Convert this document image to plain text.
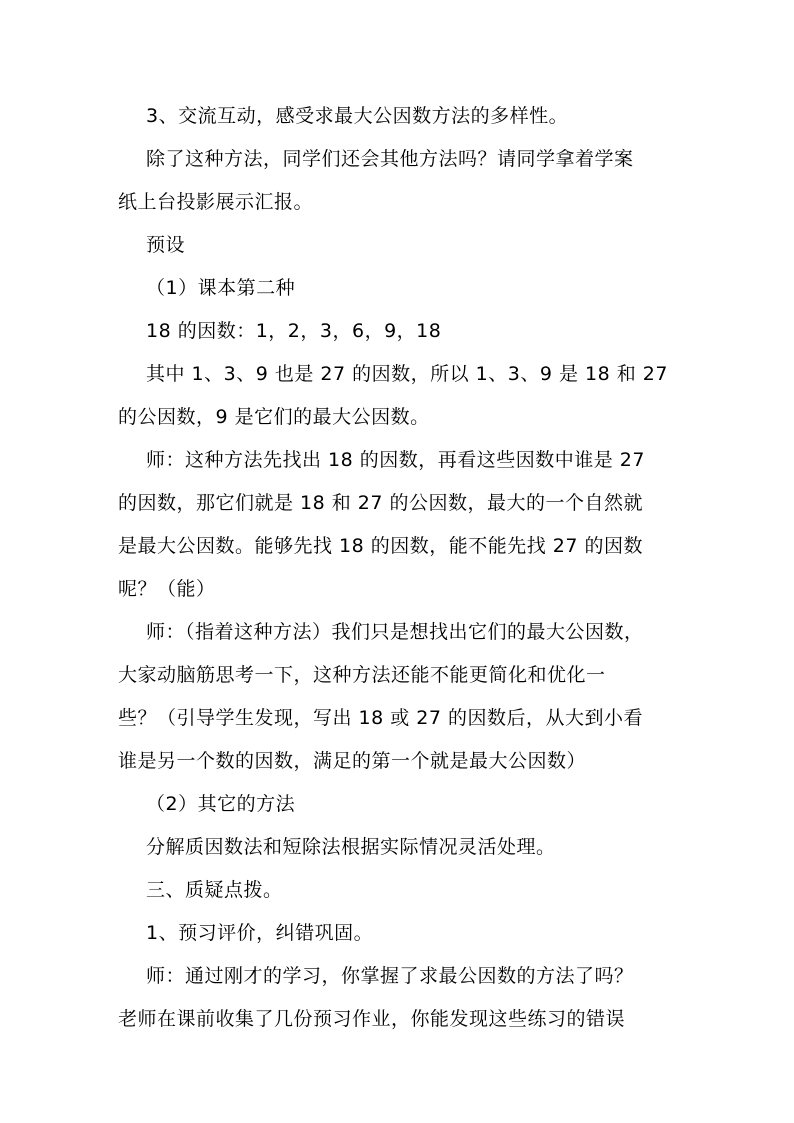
3、交流互动，感受求最大公因数方法的多样性。
除了这种方法，同学们还会其他方法吗？请同学拿着学案
纸上台投影展示汇报。
预设
（1）课本第二种
18 的因数：1，2，3，6，9，18
其中 1、3、9 也是 27 的因数，所以 1、3、9 是 18 和 27
的公因数，9 是它们的最大公因数。
师：这种方法先找出 18 的因数，再看这些因数中谁是 27
的因数，那它们就是 18 和 27 的公因数，最大的一个自然就
是最大公因数。能够先找 18 的因数，能不能先找 27 的因数
呢？（能）
师：（指着这种方法）我们只是想找出它们的最大公因数，
大家动脑筋思考一下，这种方法还能不能更简化和优化一
些？（引导学生发现，写出 18 或 27 的因数后，从大到小看
谁是另一个数的因数，满足的第一个就是最大公因数）
（2）其它的方法
分解质因数法和短除法根据实际情况灵活处理。
三、质疑点拨。
1、预习评价，纠错巩固。
师：通过刚才的学习，你掌握了求最公因数的方法了吗？
老师在课前收集了几份预习作业，你能发现这些练习的错误
